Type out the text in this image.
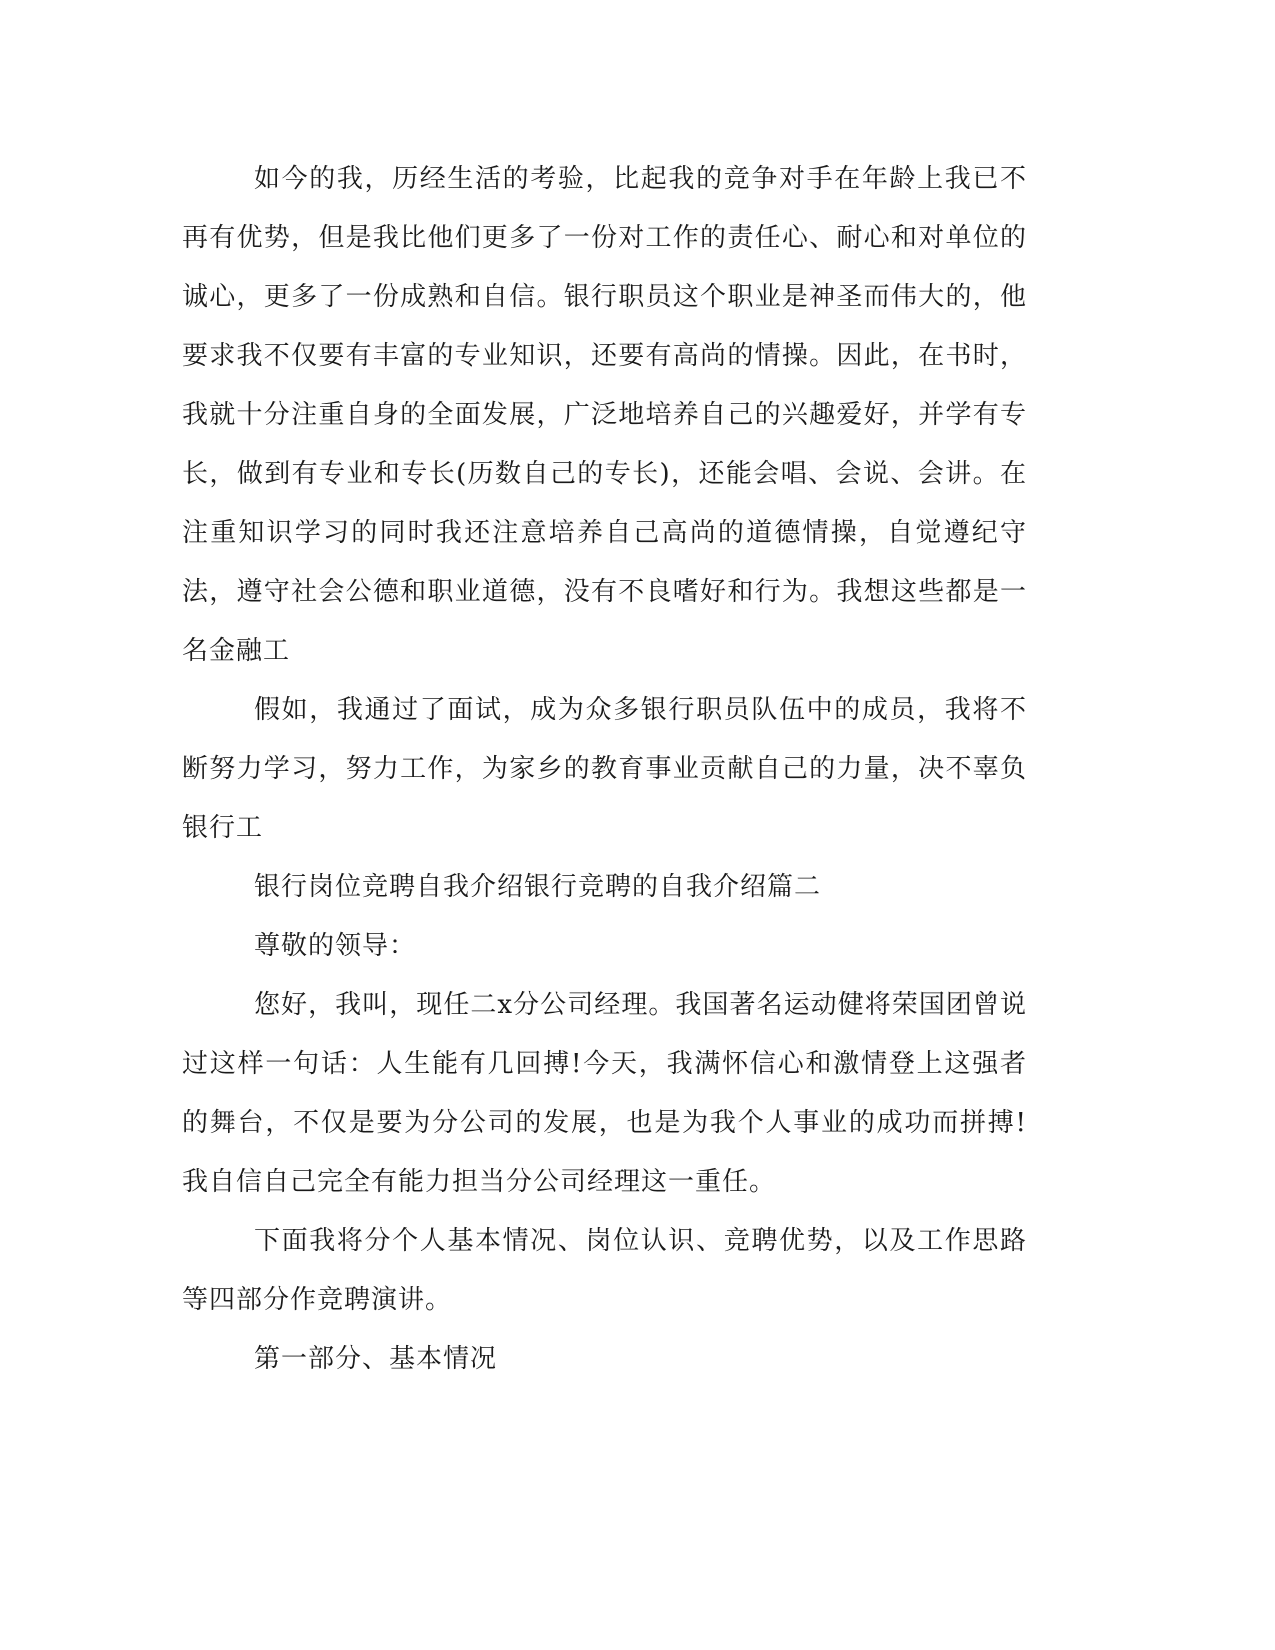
如今的我，历经生活的考验，比起我的竞争对手在年龄上我已不再有优势，但是我比他们更多了一份对工作的责任心、耐心和对单位的诚心，更多了一份成熟和自信。银行职员这个职业是神圣而伟大的，他要求我不仅要有丰富的专业知识，还要有高尚的情操。因此，在书时，我就十分注重自身的全面发展，广泛地培养自己的兴趣爱好，并学有专长，做到有专业和专长(历数自己的专长)，还能会唱、会说、会讲。在注重知识学习的同时我还注意培养自己高尚的道德情操，自觉遵纪守法，遵守社会公德和职业道德，没有不良嗜好和行为。我想这些都是一名金融工

假如，我通过了面试，成为众多银行职员队伍中的成员，我将不断努力学习，努力工作，为家乡的教育事业贡献自己的力量，决不辜负银行工

银行岗位竞聘自我介绍银行竞聘的自我介绍篇二

尊敬的领导：

您好，我叫，现任二x分公司经理。我国著名运动健将荣国团曾说过这样一句话：人生能有几回搏!今天，我满怀信心和激情登上这强者的舞台，不仅是要为分公司的发展，也是为我个人事业的成功而拼搏!我自信自己完全有能力担当分公司经理这一重任。

下面我将分个人基本情况、岗位认识、竞聘优势，以及工作思路等四部分作竞聘演讲。

第一部分、基本情况
